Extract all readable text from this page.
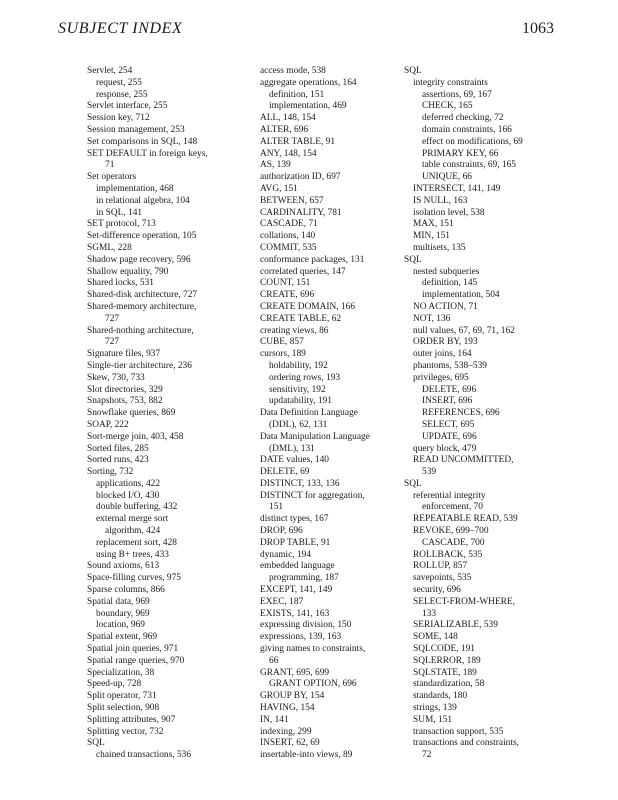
SUBJECT INDEX	1063
Servlet, 254
request, 255
response, 255
Servlet interface, 255
Session key, 712
Session management, 253
Set comparisons in SQL, 148
SET DEFAULT in foreign keys,
71
Set operators
implementation, 468
in relational algebra, 104
in SQL, 141
SET protocol, 713
Set-difference operation, 105
SGML, 228
Shadow page recovery, 596
Shallow equality, 790
Shared locks, 531
Shared-disk architecture, 727
Shared-memory architecture,
727
Shared-nothing architecture,
727
Signature files, 937
Single-tier architecture, 236
Skew, 730, 733
Slot directories, 329
Snapshots, 753, 882
Snowflake queries, 869
SOAP, 222
Sort-merge join, 403, 458
Sorted files, 285
Sorted runs, 423
Sorting, 732
applications, 422
blocked I/O, 430
double buffering, 432
external merge sort
algorithm, 424
replacement sort, 428
using B+ trees, 433
Sound axioms, 613
Space-filling curves, 975
Sparse columns, 866
Spatial data, 969
boundary, 969
location, 969
Spatial extent, 969
Spatial join queries, 971
Spatial range queries, 970
Specialization, 38
Speed-up, 728
Split operator, 731
Split selection, 908
Splitting attributes, 907
Splitting vector, 732
SQL
chained transactions, 536
access mode, 538
aggregate operations, 164
definition, 151
implementation, 469
ALL, 148, 154
ALTER, 696
ALTER TABLE, 91
ANY, 148, 154
AS, 139
authorization ID, 697
AVG, 151
BETWEEN, 657
CARDINALITY, 781
CASCADE, 71
collations, 140
COMMIT, 535
conformance packages, 131
correlated queries, 147
COUNT, 151
CREATE, 696
CREATE DOMAIN, 166
CREATE TABLE, 62
creating views, 86
CUBE, 857
cursors, 189
holdability, 192
ordering rows, 193
sensitivity, 192
updatability, 191
Data Definition Language
(DDL), 62, 131
Data Manipulation Language
(DML), 131
DATE values, 140
DELETE, 69
DISTINCT, 133, 136
DISTINCT for aggregation,
151
distinct types, 167
DROP, 696
DROP TABLE, 91
dynamic, 194
embedded language
programming, 187
EXCEPT, 141, 149
EXEC, 187
EXISTS, 141, 163
expressing division, 150
expressions, 139, 163
giving names to constraints,
66
GRANT, 695, 699
GRANT OPTION, 696
GROUP BY, 154
HAVING, 154
IN, 141
indexing, 299
INSERT, 62, 69
insertable-into views, 89
SQL
integrity constraints
assertions, 69, 167
CHECK, 165
deferred checking, 72
domain constraints, 166
effect on modifications, 69
PRIMARY KEY, 66
table constraints, 69, 165
UNIQUE, 66
INTERSECT, 141, 149
IS NULL, 163
isolation level, 538
MAX, 151
MIN, 151
multisets, 135
SQL
nested subqueries
definition, 145
implementation, 504
NO ACTION, 71
NOT, 136
null values, 67, 69, 71, 162
ORDER BY, 193
outer joins, 164
phantoms, 538–539
privileges, 695
DELETE, 696
INSERT, 696
REFERENCES, 696
SELECT, 695
UPDATE, 696
query block, 479
READ UNCOMMITTED,
539
SQL
referential integrity
enforcement, 70
REPEATABLE READ, 539
REVOKE, 699–700
CASCADE, 700
ROLLBACK, 535
ROLLUP, 857
savepoints, 535
security, 696
SELECT-FROM-WHERE,
133
SERIALIZABLE, 539
SOME, 148
SQLCODE, 191
SQLERROR, 189
SQLSTATE, 189
standardization, 58
standards, 180
strings, 139
SUM, 151
transaction support, 535
transactions and constraints,
72
